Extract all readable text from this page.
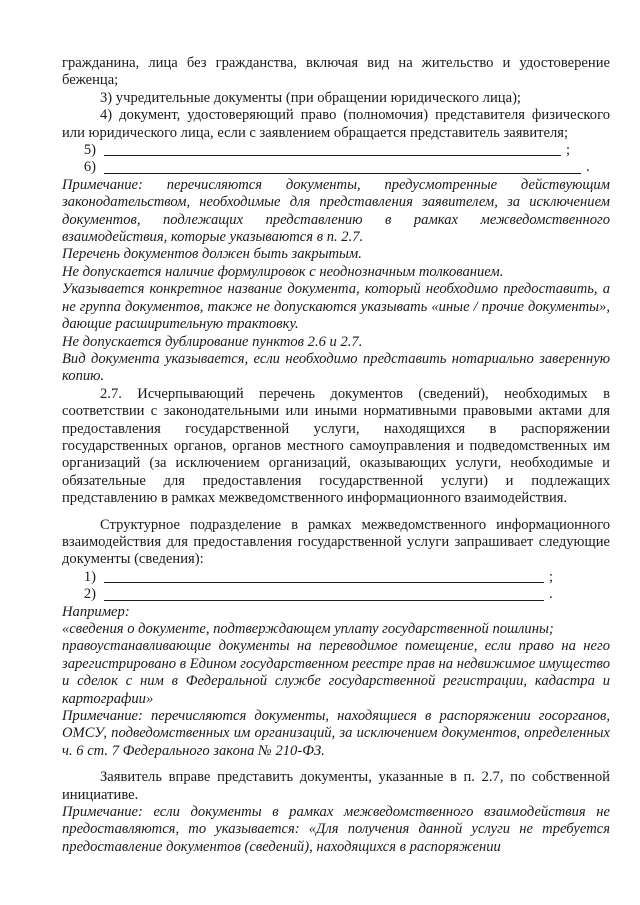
гражданина, лица без гражданства, включая вид на жительство и удостоверение беженца;

3) учредительные документы (при обращении юридического лица);

4) документ, удостоверяющий право (полномочия) представителя физического или юридического лица, если с заявлением обращается представитель заявителя;

5)	;
6)	.

Примечание: перечисляются документы, предусмотренные действующим законодательством, необходимые для представления заявителем, за исключением документов, подлежащих представлению в рамках межведомственного взаимодействия, которые указываются в п. 2.7.

Перечень документов должен быть закрытым.

Не допускается наличие формулировок с неоднозначным толкованием.

Указывается конкретное название документа, который необходимо предоставить, а не группа документов, также не допускаются указывать «иные / прочие документы», дающие расширительную трактовку.

Не допускается дублирование пунктов 2.6 и 2.7.

Вид документа указывается, если необходимо представить нотариально заверенную копию.

2.7. Исчерпывающий перечень документов (сведений), необходимых в соответствии с законодательными или иными нормативными правовыми актами для предоставления государственной услуги, находящихся в распоряжении государственных органов, органов местного самоуправления и подведомственных им организаций (за исключением организаций, оказывающих услуги, необходимые и обязательные для предоставления государственной услуги) и подлежащих представлению в рамках межведомственного информационного взаимодействия.

Структурное подразделение в рамках межведомственного информационного взаимодействия для предоставления государственной услуги запрашивает следующие документы (сведения):

1)	;
2)	.

Например:

«сведения о документе, подтверждающем уплату государственной пошлины;

правоустанавливающие документы на переводимое помещение, если право на него зарегистрировано в Едином государственном реестре прав на недвижимое имущество и сделок с ним в Федеральной службе государственной регистрации, кадастра и картографии»

Примечание: перечисляются документы, находящиеся в распоряжении госорганов, ОМСУ, подведомственных им организаций, за исключением документов, определенных ч. 6 ст. 7 Федерального закона № 210-ФЗ.

Заявитель вправе представить документы, указанные в п. 2.7, по собственной инициативе.

Примечание: если документы в рамках межведомственного взаимодействия не предоставляются, то указывается: «Для получения данной услуги не требуется предоставление документов (сведений), находящихся в распоряжении
